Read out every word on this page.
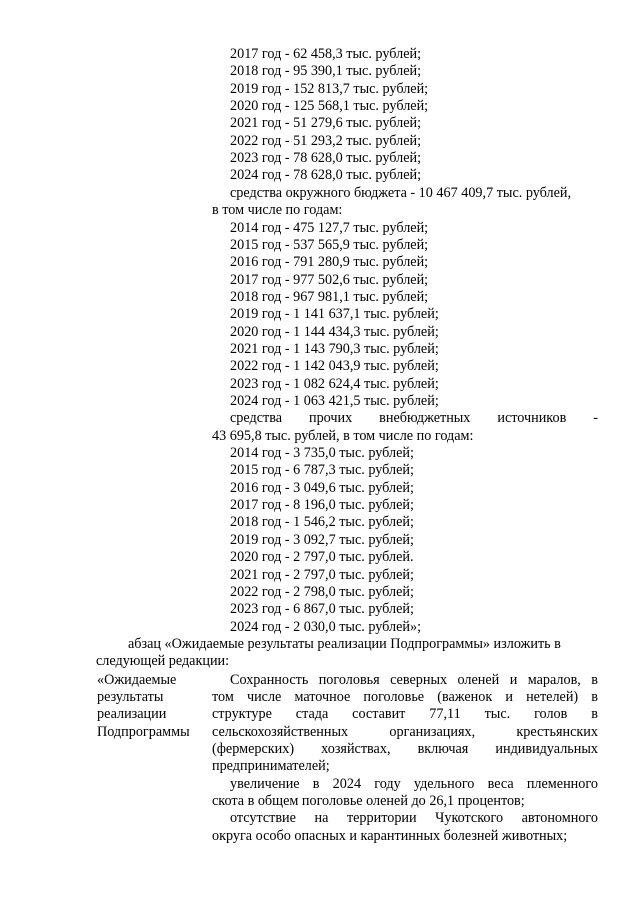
2017 год - 62 458,3 тыс. рублей;
2018 год - 95 390,1 тыс. рублей;
2019 год - 152 813,7 тыс. рублей;
2020 год - 125 568,1 тыс. рублей;
2021 год - 51 279,6 тыс. рублей;
2022 год - 51 293,2 тыс. рублей;
2023 год - 78 628,0 тыс. рублей;
2024 год - 78 628,0 тыс. рублей;
средства окружного бюджета - 10 467 409,7 тыс. рублей,
в том числе по годам:
2014 год - 475 127,7 тыс. рублей;
2015 год - 537 565,9 тыс. рублей;
2016 год - 791 280,9 тыс. рублей;
2017 год - 977 502,6 тыс. рублей;
2018 год - 967 981,1 тыс. рублей;
2019 год - 1 141 637,1 тыс. рублей;
2020 год - 1 144 434,3 тыс. рублей;
2021 год - 1 143 790,3 тыс. рублей;
2022 год - 1 142 043,9 тыс. рублей;
2023 год - 1 082 624,4 тыс. рублей;
2024 год - 1 063 421,5 тыс. рублей;
средства прочих внебюджетных источников -
43 695,8 тыс. рублей, в том числе по годам:
2014 год - 3 735,0 тыс. рублей;
2015 год - 6 787,3 тыс. рублей;
2016 год - 3 049,6 тыс. рублей;
2017 год - 8 196,0 тыс. рублей;
2018 год - 1 546,2 тыс. рублей;
2019 год - 3 092,7 тыс. рублей;
2020 год - 2 797,0 тыс. рублей.
2021 год - 2 797,0 тыс. рублей;
2022 год - 2 798,0 тыс. рублей;
2023 год - 6 867,0 тыс. рублей;
2024 год - 2 030,0 тыс. рублей»;
абзац «Ожидаемые результаты реализации Подпрограммы» изложить в
следующей редакции:
«Ожидаемые
результаты
реализации
Подпрограммы
Сохранность поголовья северных оленей и маралов, в
том числе маточное поголовье (важенок и нетелей) в
структуре стада составит 77,11 тыс. голов в
сельскохозяйственных	организациях,	крестьянских
(фермерских) хозяйствах, включая индивидуальных
предпринимателей;
увеличение в 2024 году удельного веса племенного
скота в общем поголовье оленей до 26,1 процентов;
отсутствие на территории Чукотского автономного
округа особо опасных и карантинных болезней животных;
